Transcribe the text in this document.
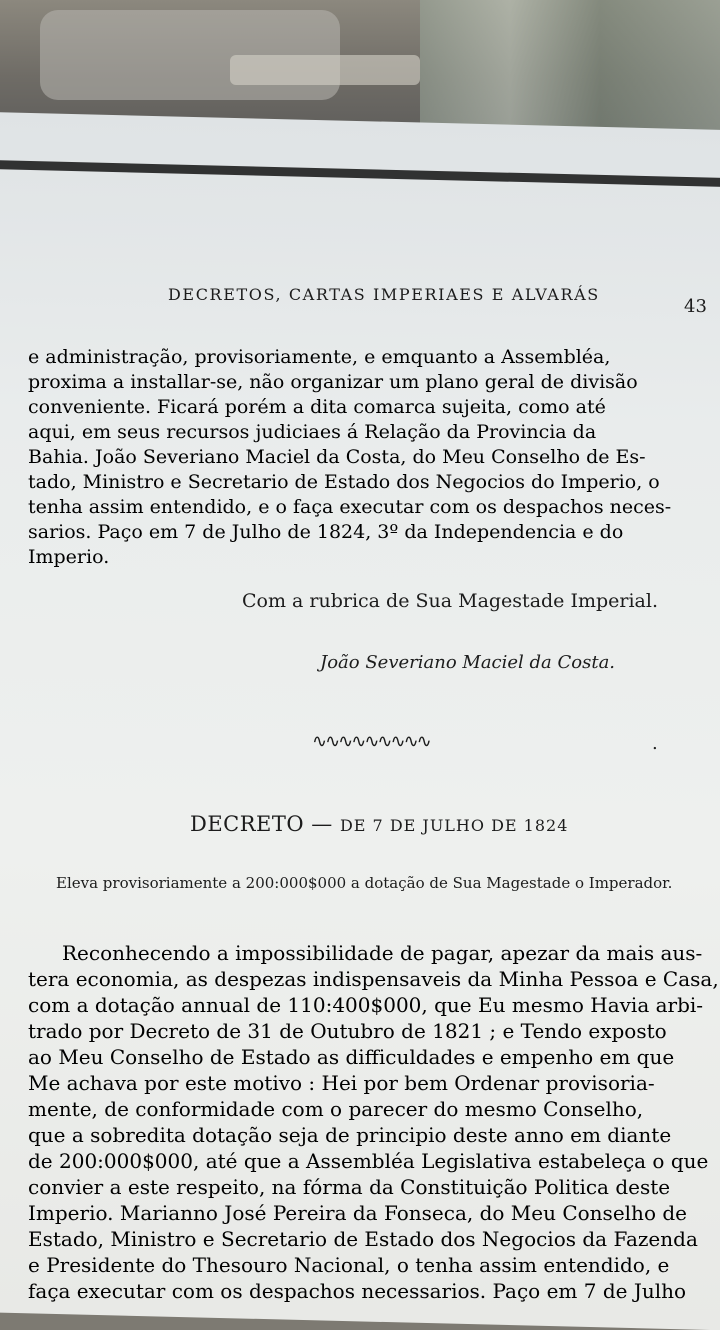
DECRETOS, CARTAS IMPERIAES E ALVARÁS
43
e administração, provisoriamente, e emquanto a Assembléa,
proxima a installar-se, não organizar um plano geral de divisão
conveniente. Ficará porém a dita comarca sujeita, como até
aqui, em seus recursos judiciaes á Relação da Provincia da
Bahia. João Severiano Maciel da Costa, do Meu Conselho de Es-
tado, Ministro e Secretario de Estado dos Negocios do Imperio, o
tenha assim entendido, e o faça executar com os despachos neces-
sarios. Paço em 7 de Julho de 1824, 3º da Independencia e do
Imperio.
Com a rubrica de Sua Magestade Imperial.
João Severiano Maciel da Costa.
∿∿∿∿∿∿∿∿∿	.
DECRETO — DE 7 DE JULHO DE 1824
Eleva provisoriamente a 200:000$000 a dotação de Sua Magestade o Imperador.
Reconhecendo a impossibilidade de pagar, apezar da mais aus-
tera economia, as despezas indispensaveis da Minha Pessoa e Casa,
com a dotação annual de 110:400$000, que Eu mesmo Havia arbi-
trado por Decreto de 31 de Outubro de 1821 ; e Tendo exposto
ao Meu Conselho de Estado as difficuldades e empenho em que
Me achava por este motivo : Hei por bem Ordenar provisoria-
mente, de conformidade com o parecer do mesmo Conselho,
que a sobredita dotação seja de principio deste anno em diante
de 200:000$000, até que a Assembléa Legislativa estabeleça o que
convier a este respeito, na fórma da Constituição Politica deste
Imperio. Marianno José Pereira da Fonseca, do Meu Conselho de
Estado, Ministro e Secretario de Estado dos Negocios da Fazenda
e Presidente do Thesouro Nacional, o tenha assim entendido, e
faça executar com os despachos necessarios. Paço em 7 de Julho
